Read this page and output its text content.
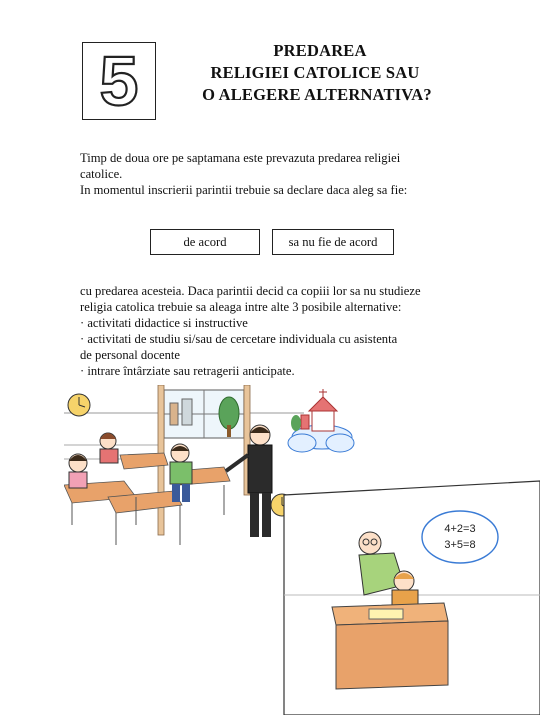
5	PREDAREA
RELIGIEI CATOLICE SAU
O ALEGERE ALTERNATIVA?
Timp de doua ore pe saptamana este prevazuta predarea religiei
catolice.
In momentul inscrierii parintii trebuie sa declare daca aleg sa fie:
de acord	sa nu fie de acord
cu predarea acesteia. Daca parintii decid ca copiii lor sa nu studieze
religia catolica trebuie sa aleaga intre alte 3 posibile alternative:
· activitati didactice si instructive
· activitati de studiu si/sau de cercetare individuala cu asistenta
de personal docente
· intrare întârziate sau retragerii anticipate.
4+2=3
3+5=8
